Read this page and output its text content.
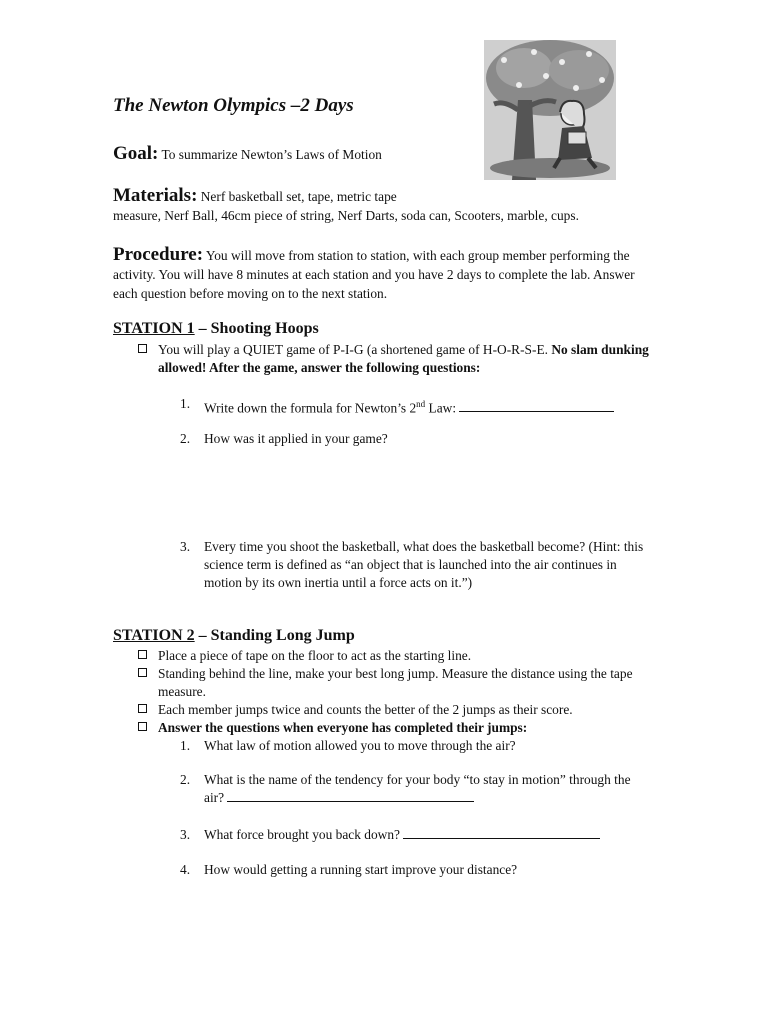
The Newton Olympics –2 Days
Goal: To summarize Newton’s Laws of Motion
Materials: Nerf basketball set, tape, metric tape
measure, Nerf Ball, 46cm piece of string, Nerf Darts, soda can, Scooters, marble, cups.
Procedure: You will move from station to station, with each group member performing the activity. You will have 8 minutes at each station and you have 2 days to complete the lab. Answer each question before moving on to the next station.
STATION 1 – Shooting Hoops
You will play a QUIET game of P-I-G (a shortened game of H-O-R-S-E. No slam dunking allowed! After the game, answer the following questions:
1. Write down the formula for Newton’s 2nd Law:
2. How was it applied in your game?
3. Every time you shoot the basketball, what does the basketball become? (Hint: this science term is defined as “an object that is launched into the air continues in motion by its own inertia until a force acts on it.”)
STATION 2 – Standing Long Jump
Place a piece of tape on the floor to act as the starting line.
Standing behind the line, make your best long jump. Measure the distance using the tape measure.
Each member jumps twice and counts the better of the 2 jumps as their score.
Answer the questions when everyone has completed their jumps:
1. What law of motion allowed you to move through the air?
2. What is the name of the tendency for your body “to stay in motion” through the air?
3. What force brought you back down?
4. How would getting a running start improve your distance?
